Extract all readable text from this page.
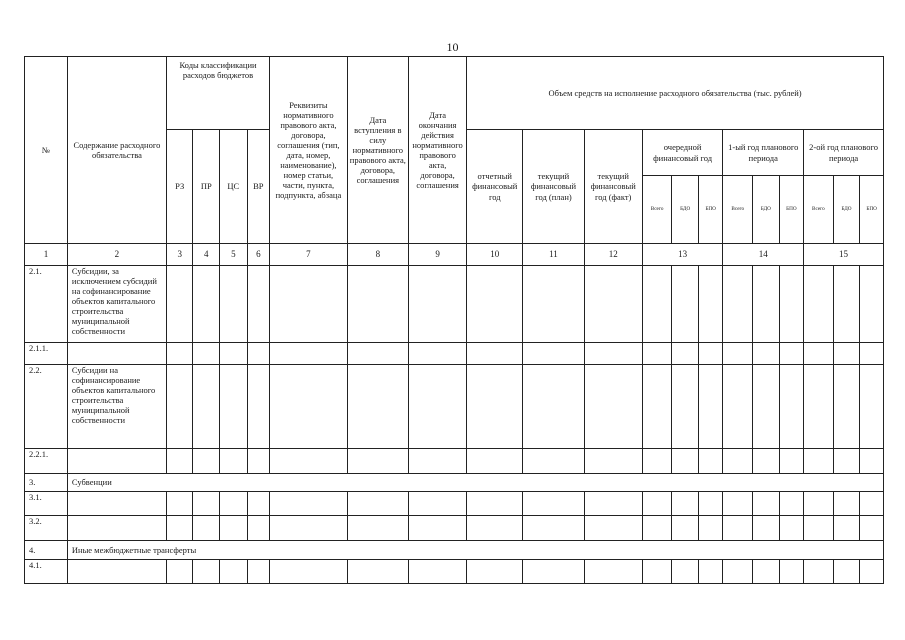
10
№	Содержание расходного обязательства	Коды классификации расходов бюджетов				Реквизиты нормативного правового акта, договора, соглашения (тип, дата, номер, наименование), номер статьи, части, пункта, подпункта, абзаца	Дата вступления в силу нормативного правового акта, договора, соглашения	Дата окончания действия нормативного правового акта, договора, соглашения	Объем средств на исполнение расходного обязательства (тыс. рублей)											
		РЗ	ПР	ЦС	ВР				отчетный финансовый год	текущий финансовый год (план)	текущий финансовый год (факт)	очередной финансовый год			1-ый год планового периода			2-ой год планового периода		
												Всего	БДО	БПО	Всего	БДО	БПО	Всего	БДО	БПО
1	2	3	4	5	6	7	8	9	10	11	12	13			14			15		
2.1.	Субсидии, за исключением субсидий на софинансирование объектов капитального строительства муниципальной собственности																			
2.1.1.																				
2.2.	Субсидии на софинансирование объектов капитального строительства муниципальной собственности																			
2.2.1.																				
3.	Субвенции																			
3.1.																				
3.2.																				
4.	Иные межбюджетные трансферты																			
4.1.																				
